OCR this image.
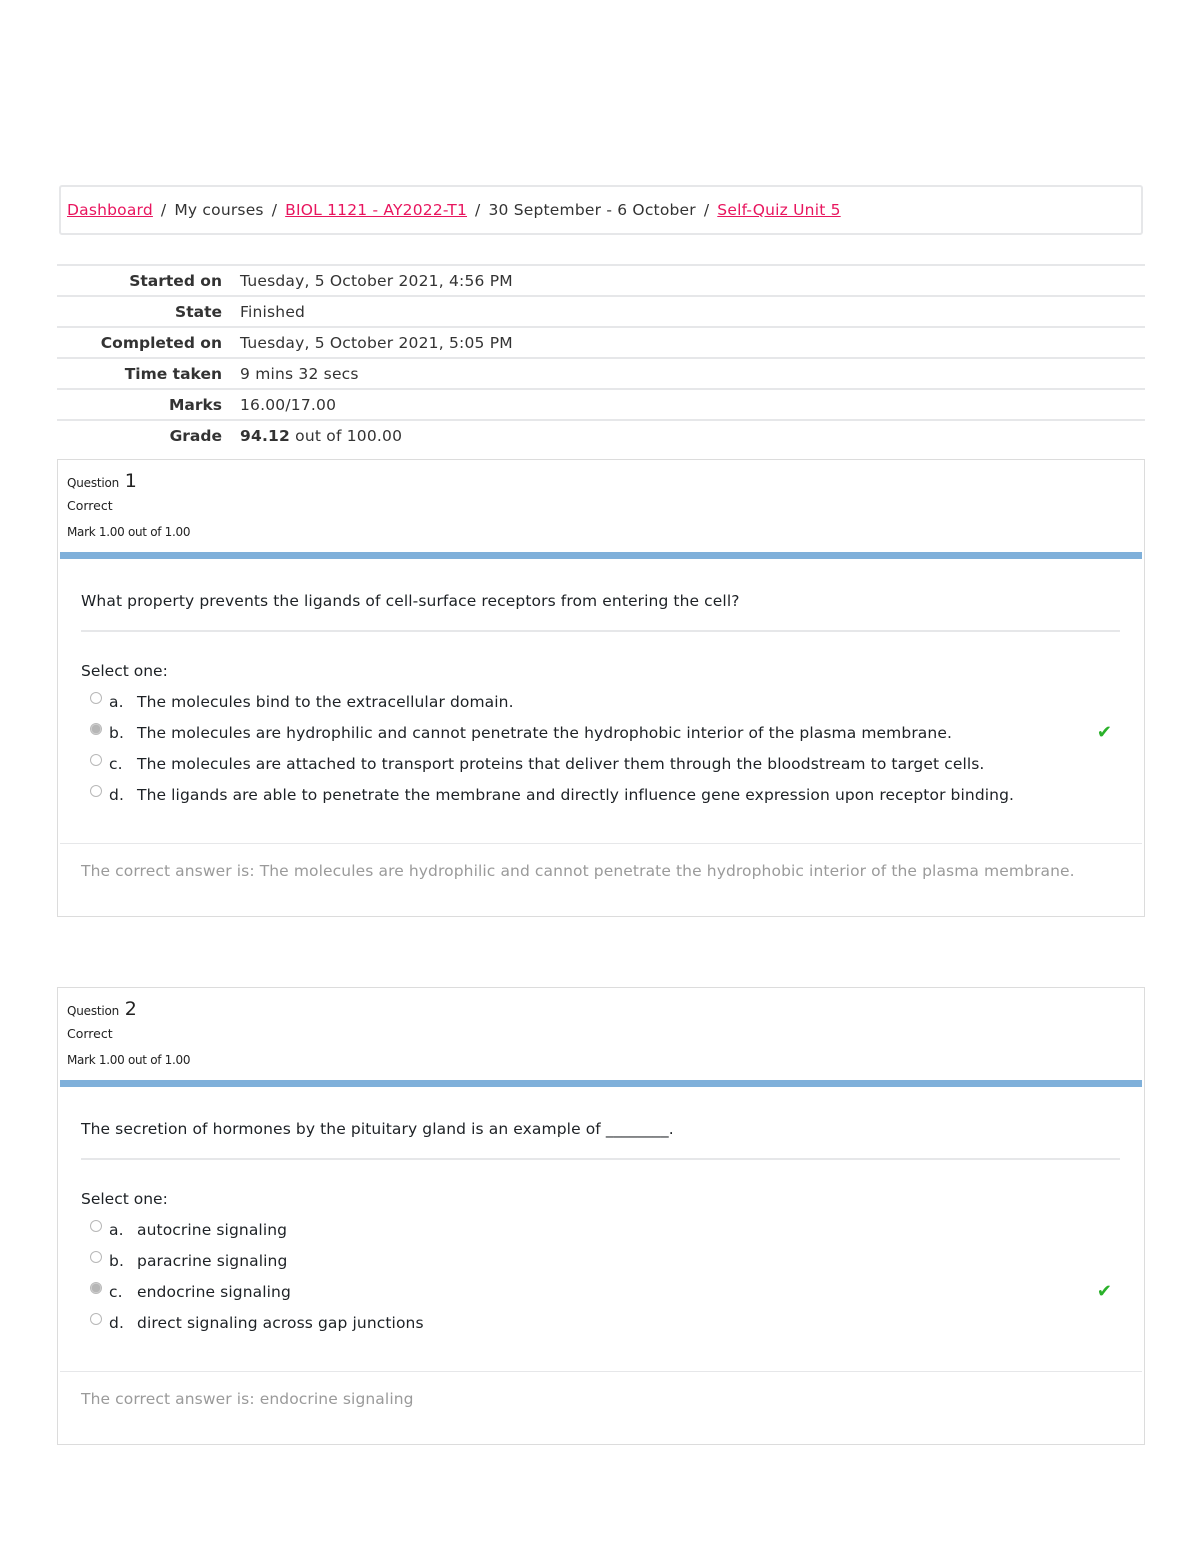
Dashboard / My courses / BIOL 1121 - AY2022-T1 / 30 September - 6 October / Self-Quiz Unit 5
Started on	Tuesday, 5 October 2021, 4:56 PM
State	Finished
Completed on	Tuesday, 5 October 2021, 5:05 PM
Time taken	9 mins 32 secs
Marks	16.00/17.00
Grade	94.12 out of 100.00
Question 1
Correct
Mark 1.00 out of 1.00
What property prevents the ligands of cell-surface receptors from entering the cell?
Select one:
a. The molecules bind to the extracellular domain.
b. The molecules are hydrophilic and cannot penetrate the hydrophobic interior of the plasma membrane.	✔
c. The molecules are attached to transport proteins that deliver them through the bloodstream to target cells.
d. The ligands are able to penetrate the membrane and directly influence gene expression upon receptor binding.
The correct answer is: The molecules are hydrophilic and cannot penetrate the hydrophobic interior of the plasma membrane.
Question 2
Correct
Mark 1.00 out of 1.00
The secretion of hormones by the pituitary gland is an example of ________.
Select one:
a. autocrine signaling
b. paracrine signaling
c. endocrine signaling	✔
d. direct signaling across gap junctions
The correct answer is: endocrine signaling
